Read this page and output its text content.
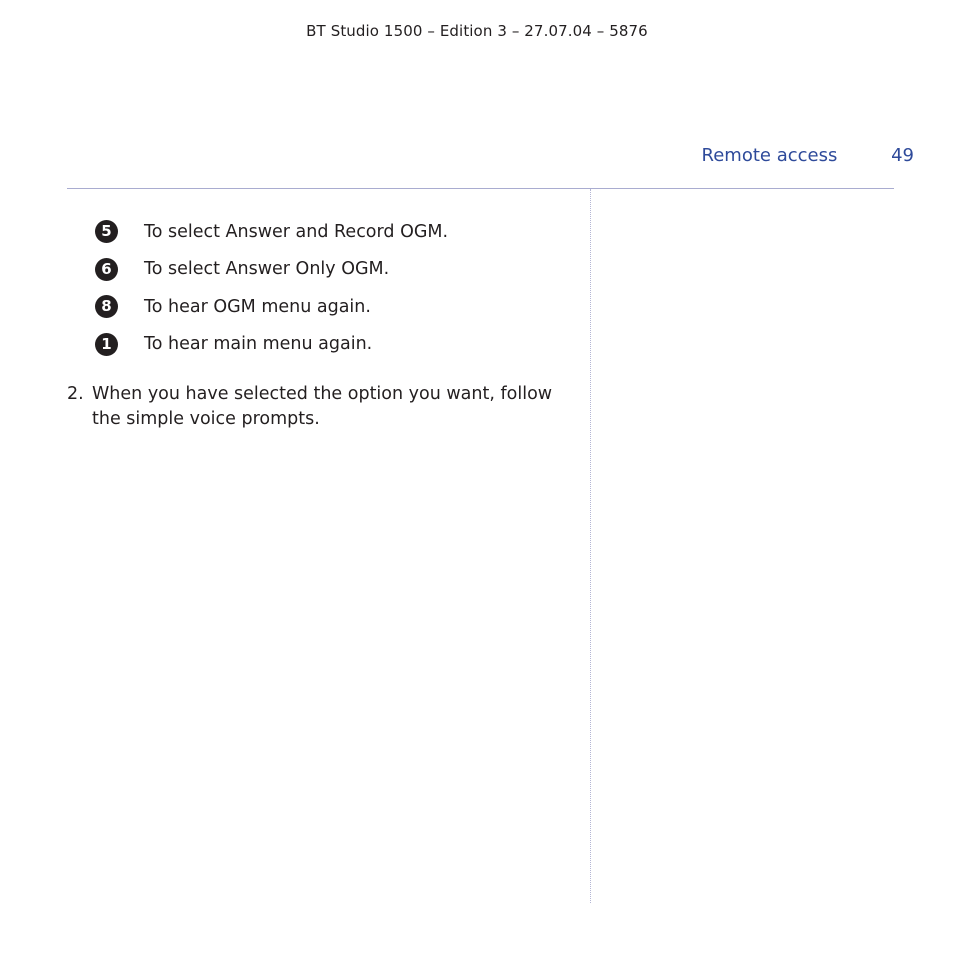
BT Studio 1500 – Edition 3 – 27.07.04 – 5876
Remote access	49
5	To select Answer and Record OGM.
6	To select Answer Only OGM.
8	To hear OGM menu again.
1	To hear main menu again.
2. When you have selected the option you want, follow the simple voice prompts.
